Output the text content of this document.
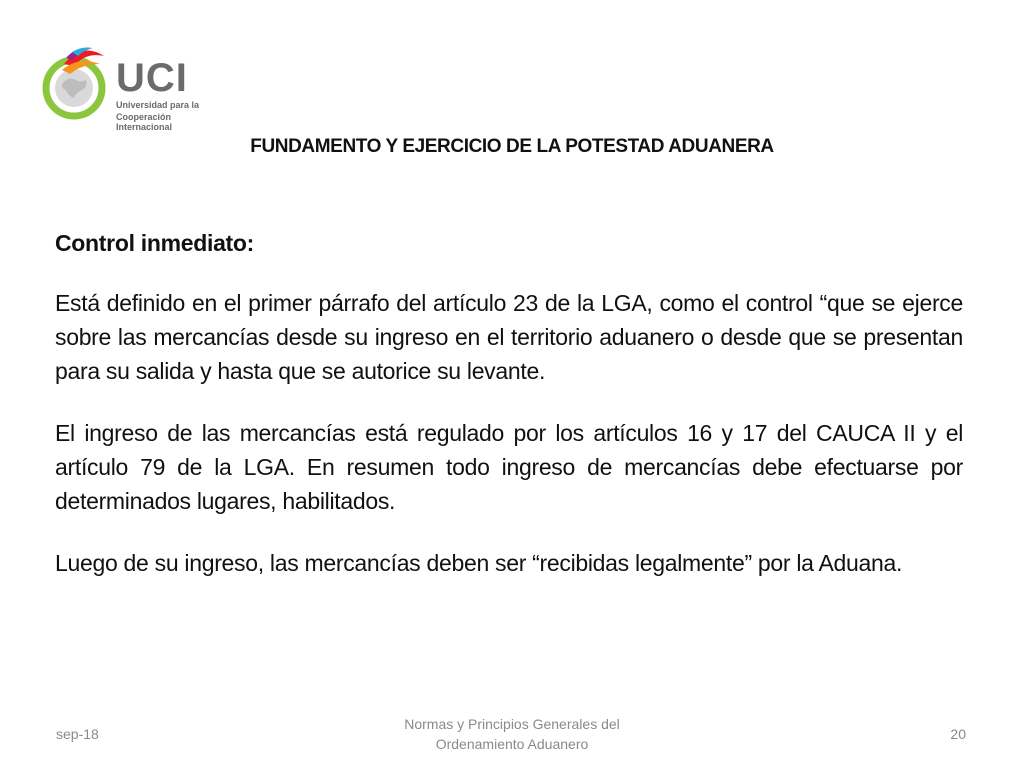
UCI
Universidad para la
Cooperación Internacional
FUNDAMENTO Y EJERCICIO DE LA POTESTAD ADUANERA

Control inmediato:

Está definido en el primer párrafo del artículo 23 de la LGA, como el control “que se ejerce sobre las mercancías desde su ingreso en el territorio aduanero o desde que se presentan para su salida y hasta que se autorice su levante.

El ingreso de las mercancías está regulado por los artículos 16 y 17 del CAUCA II y el artículo 79 de la LGA. En resumen todo ingreso de mercancías debe efectuarse por determinados lugares, habilitados.

Luego de su ingreso, las mercancías deben ser “recibidas legalmente” por la Aduana.

sep-18
Normas y Principios Generales del
Ordenamiento Aduanero
20
